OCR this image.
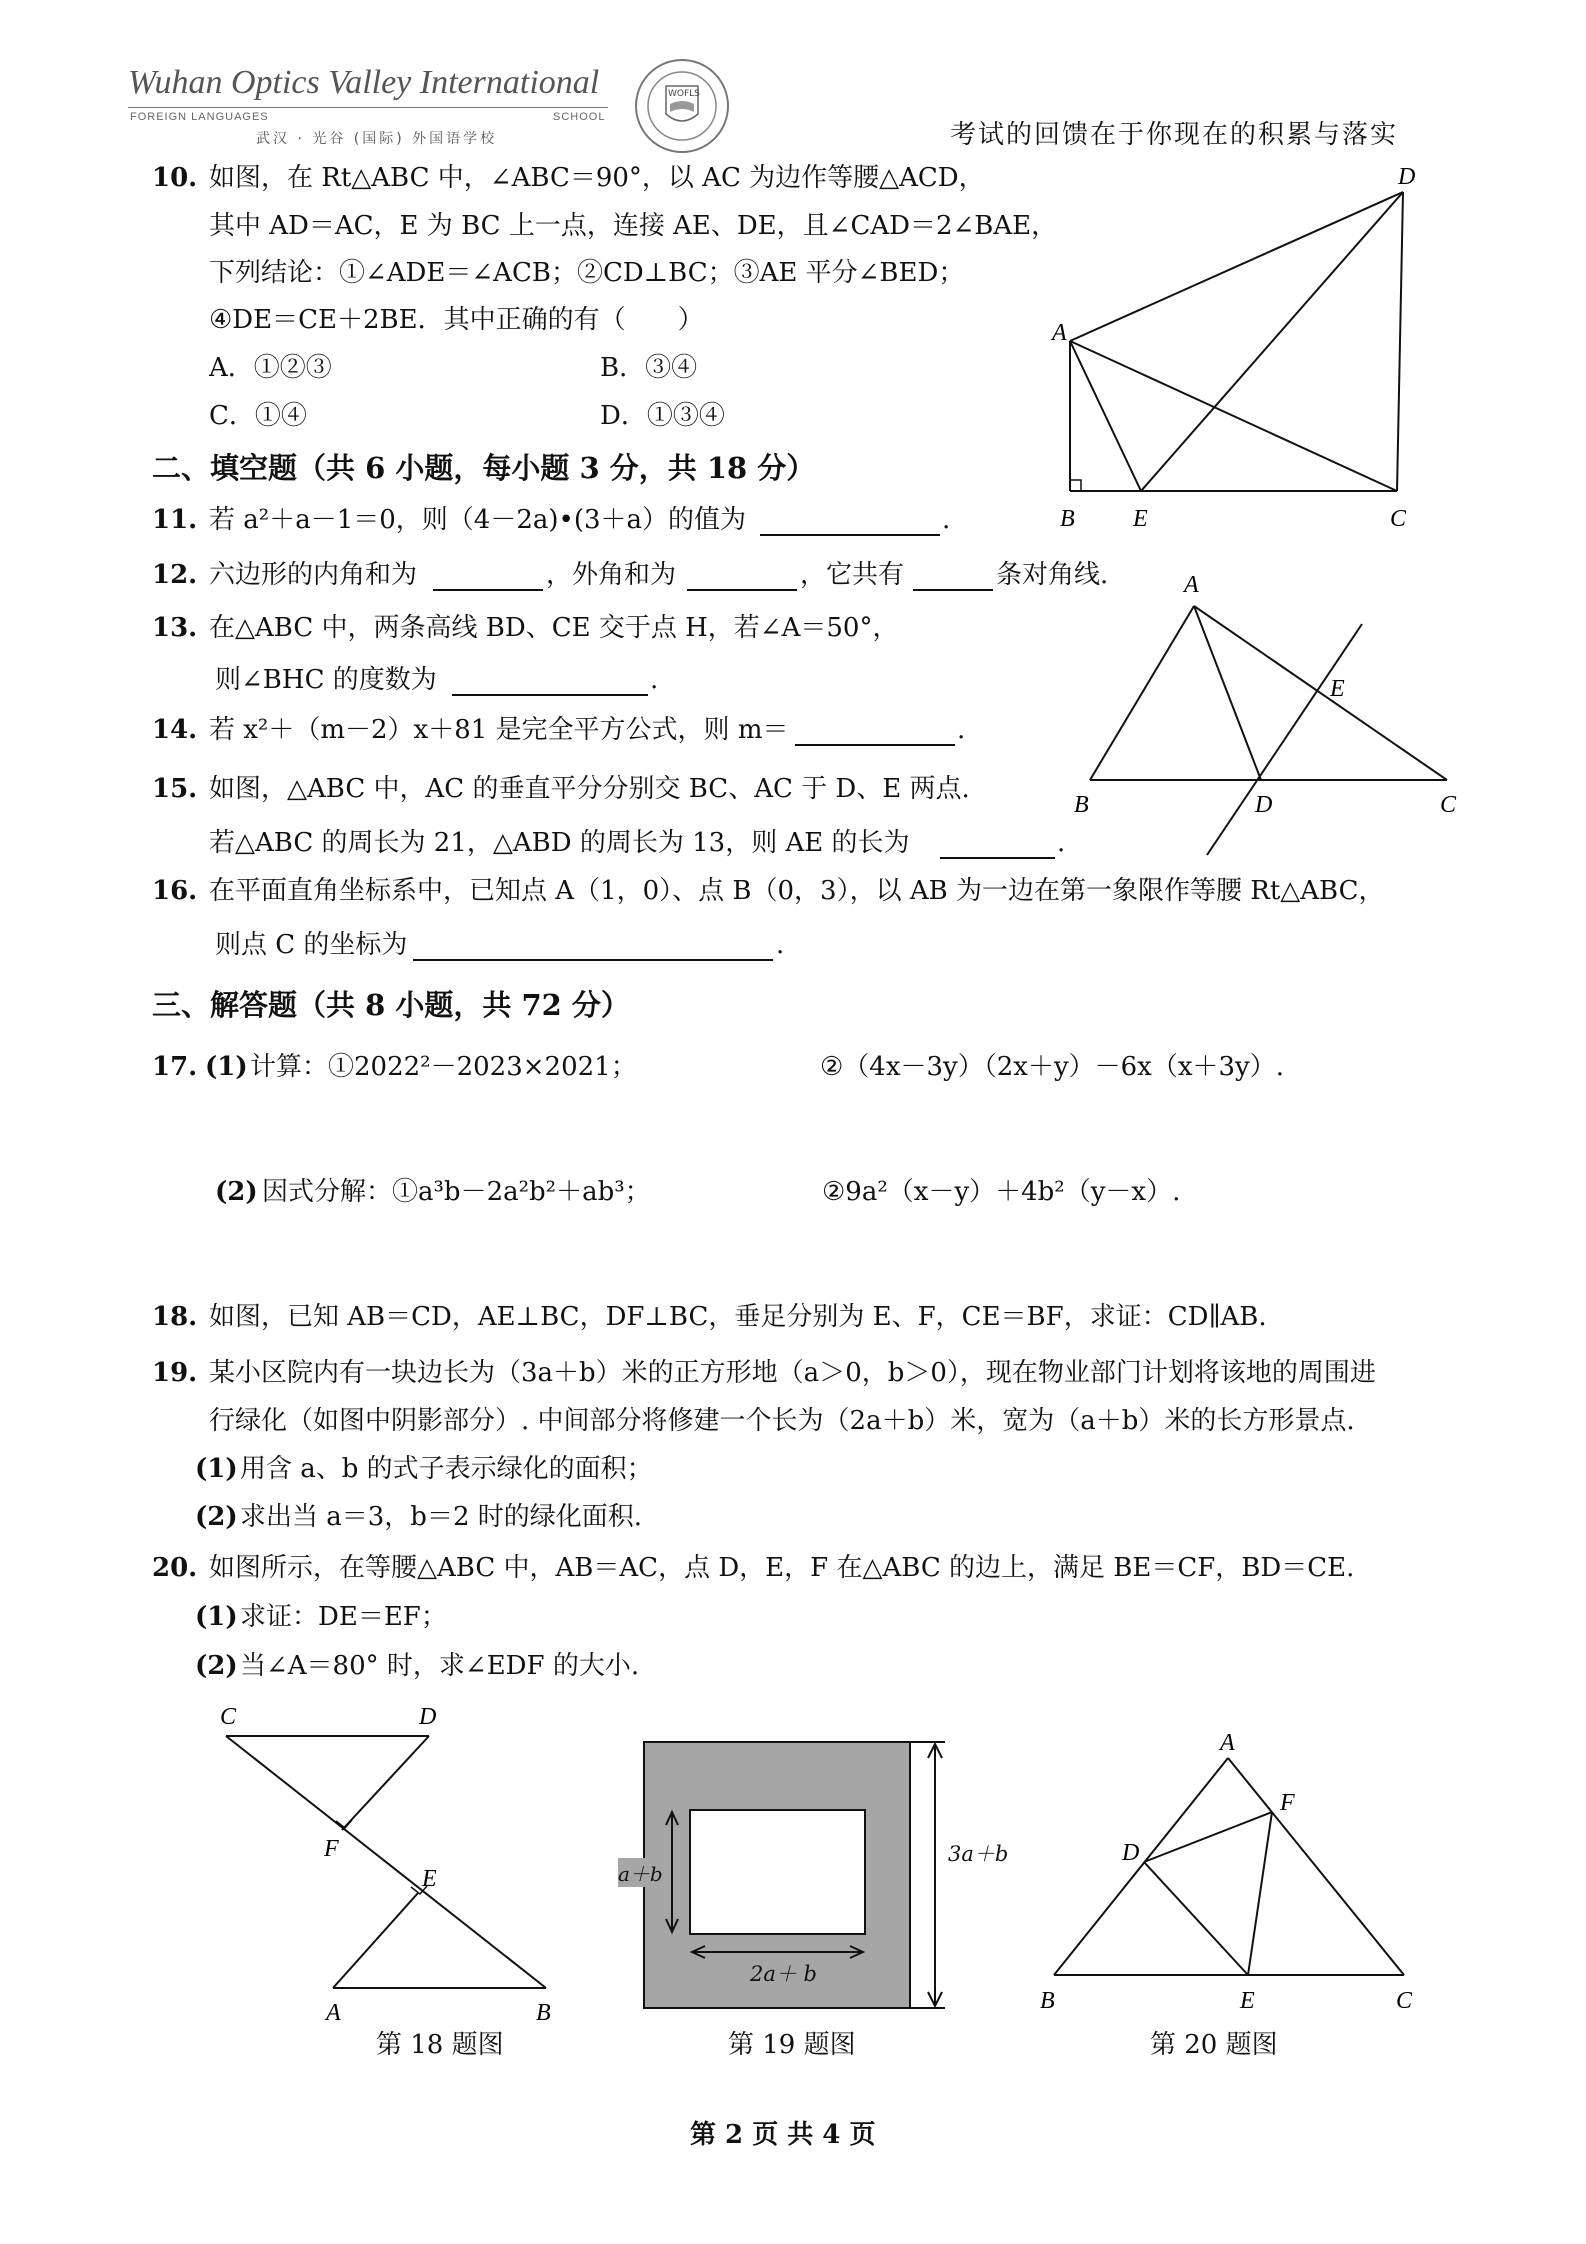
Wuhan Optics Valley International
FOREIGN LANGUAGES	SCHOOL
武汉 · 光谷 (国际) 外国语学校
WOFLS
考试的回馈在于你现在的积累与落实
10. 如图，在 Rt△ABC 中，∠ABC＝90°，以 AC 为边作等腰△ACD，
其中 AD＝AC，E 为 BC 上一点，连接 AE、DE，且∠CAD＝2∠BAE，
下列结论：①∠ADE＝∠ACB；②CD⊥BC；③AE 平分∠BED；
④DE＝CE＋2BE．其中正确的有（　　）
A．①②③	B．③④
C．①④	D．①③④
A
B E	C
D
二、填空题（共 6 小题，每小题 3 分，共 18 分）
11. 若 a²＋a－1＝0，则（4－2a)•(3＋a）的值为	.
12. 六边形的内角和为	，外角和为	，它共有	条对角线.
13. 在△ABC 中，两条高线 BD、CE 交于点 H，若∠A＝50°，
则∠BHC 的度数为	.
14. 若 x²＋（m－2）x＋81 是完全平方公式，则 m＝	.
15. 如图，△ABC 中，AC 的垂直平分分别交 BC、AC 于 D、E 两点.
若△ABC 的周长为 21，△ABD 的周长为 13，则 AE 的长为	.
A
E
B	D	C
16. 在平面直角坐标系中，已知点 A（1，0）、点 B（0，3），以 AB 为一边在第一象限作等腰 Rt△ABC，
则点 C 的坐标为	.
三、解答题（共 8 小题，共 72 分）
17. (1) 计算：①2022²－2023×2021；	②（4x－3y）（2x＋y）－6x（x＋3y）.
(2) 因式分解：①a³b－2a²b²＋ab³；	②9a²（x－y）＋4b²（y－x）.
18. 如图，已知 AB＝CD，AE⊥BC，DF⊥BC，垂足分别为 E、F，CE＝BF，求证：CD∥AB.
19. 某小区院内有一块边长为（3a＋b）米的正方形地（a＞0，b＞0），现在物业部门计划将该地的周围进
行绿化（如图中阴影部分）. 中间部分将修建一个长为（2a＋b）米，宽为（a＋b）米的长方形景点.
(1) 用含 a、b 的式子表示绿化的面积；
(2) 求出当 a＝3，b＝2 时的绿化面积.
20. 如图所示，在等腰△ABC 中，AB＝AC，点 D，E，F 在△ABC 的边上，满足 BE＝CF，BD＝CE.
(1) 求证：DE＝EF；
(2) 当∠A＝80° 时，求∠EDF 的大小.
C	D
F
E
A	B
第 18 题图
3a＋b
a＋b
2a＋ b
第 19 题图
A
F
D
B	E	C
第 20 题图
第 2 页 共 4 页
